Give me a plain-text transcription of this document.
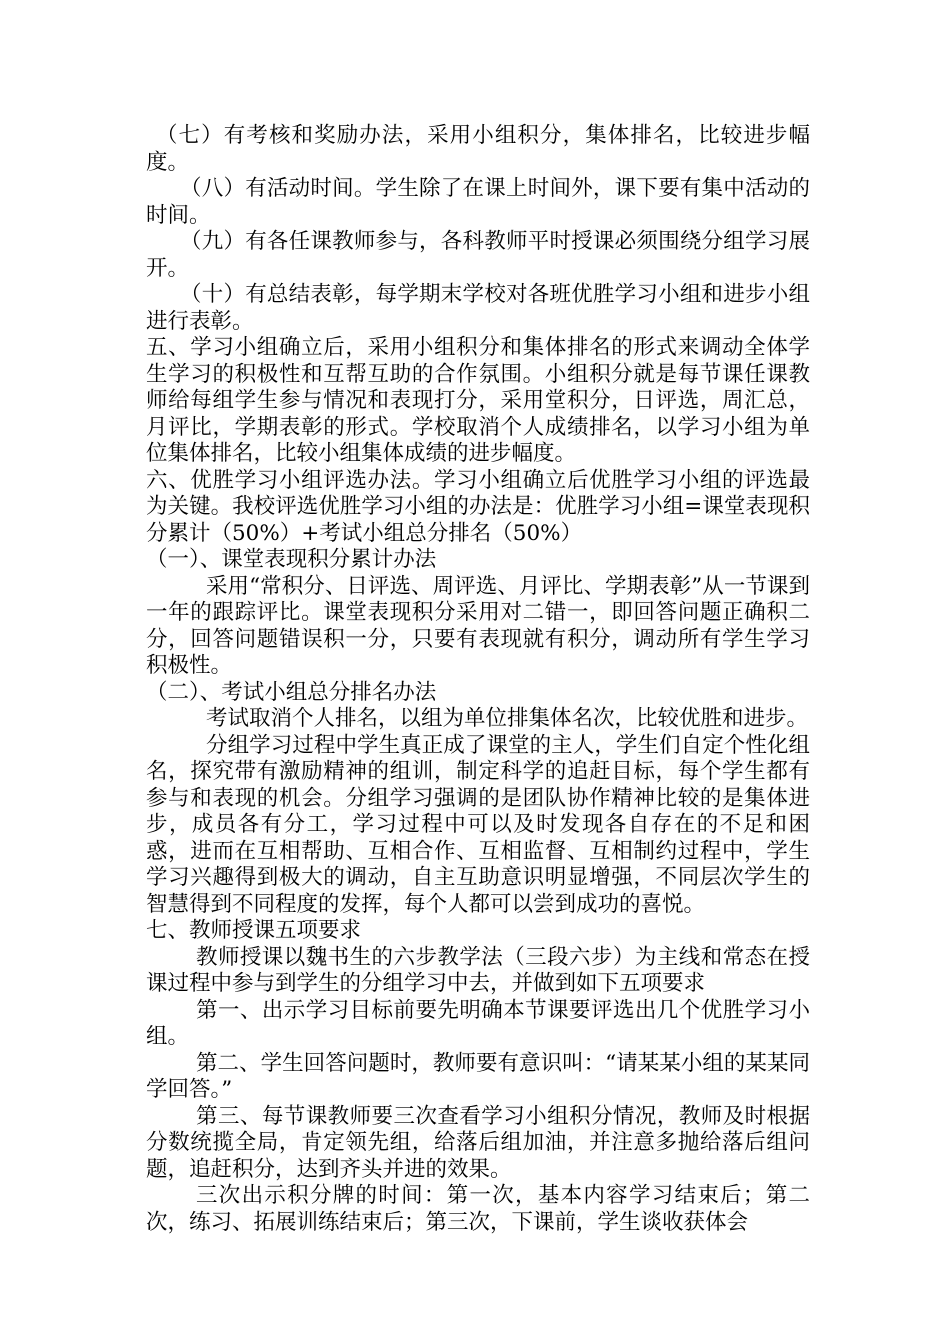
（七）有考核和奖励办法，采用小组积分，集体排名，比较进步幅度。

（八）有活动时间。学生除了在课上时间外，课下要有集中活动的时间。

（九）有各任课教师参与，各科教师平时授课必须围绕分组学习展开。

（十）有总结表彰，每学期末学校对各班优胜学习小组和进步小组进行表彰。

五、学习小组确立后，采用小组积分和集体排名的形式来调动全体学生学习的积极性和互帮互助的合作氛围。小组积分就是每节课任课教师给每组学生参与情况和表现打分，采用堂积分，日评选，周汇总，月评比，学期表彰的形式。学校取消个人成绩排名，以学习小组为单位集体排名，比较小组集体成绩的进步幅度。

六、优胜学习小组评选办法。学习小组确立后优胜学习小组的评选最为关键。我校评选优胜学习小组的办法是：优胜学习小组=课堂表现积分累计（50%）+考试小组总分排名（50%）

（一）、课堂表现积分累计办法

采用“常积分、日评选、周评选、月评比、学期表彰”从一节课到一年的跟踪评比。课堂表现积分采用对二错一，即回答问题正确积二分，回答问题错误积一分，只要有表现就有积分，调动所有学生学习积极性。

（二）、考试小组总分排名办法

考试取消个人排名，以组为单位排集体名次，比较优胜和进步。

分组学习过程中学生真正成了课堂的主人，学生们自定个性化组名，探究带有激励精神的组训，制定科学的追赶目标，每个学生都有参与和表现的机会。分组学习强调的是团队协作精神比较的是集体进步，成员各有分工，学习过程中可以及时发现各自存在的不足和困惑，进而在互相帮助、互相合作、互相监督、互相制约过程中，学生学习兴趣得到极大的调动，自主互助意识明显增强，不同层次学生的智慧得到不同程度的发挥，每个人都可以尝到成功的喜悦。

七、教师授课五项要求

教师授课以魏书生的六步教学法（三段六步）为主线和常态在授课过程中参与到学生的分组学习中去，并做到如下五项要求

第一、出示学习目标前要先明确本节课要评选出几个优胜学习小组。

第二、学生回答问题时，教师要有意识叫：“请某某小组的某某同学回答。”

第三、每节课教师要三次查看学习小组积分情况，教师及时根据分数统揽全局，肯定领先组，给落后组加油，并注意多抛给落后组问题，追赶积分，达到齐头并进的效果。

三次出示积分牌的时间：第一次，基本内容学习结束后；第二次，练习、拓展训练结束后；第三次，下课前，学生谈收获体会
